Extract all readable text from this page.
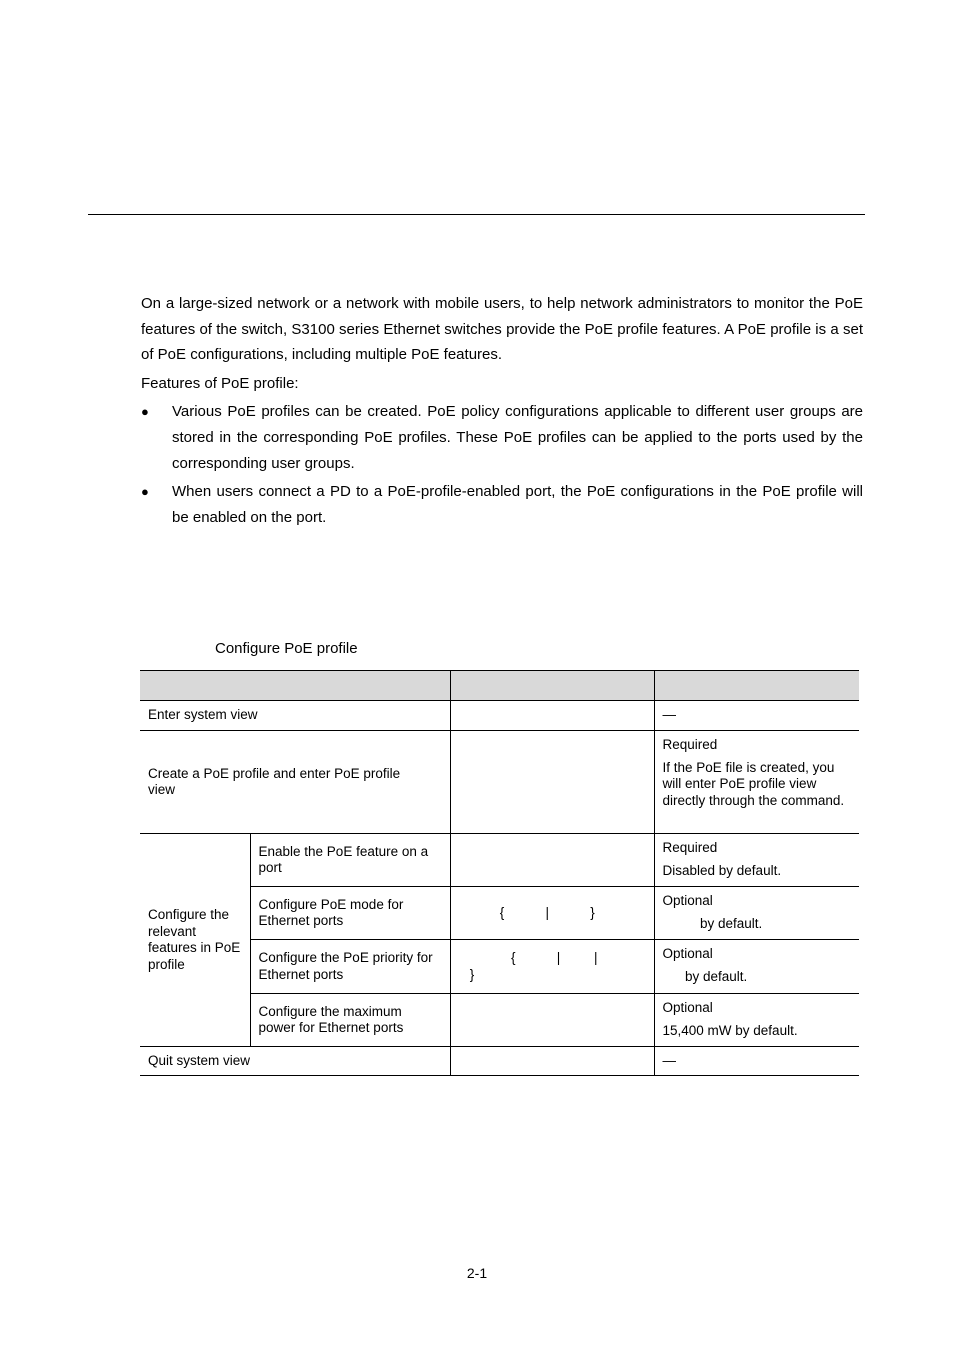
On a large-sized network or a network with mobile users, to help network administrators to monitor the PoE features of the switch, S3100 series Ethernet switches provide the PoE profile features. A PoE profile is a set of PoE configurations, including multiple PoE features.

Features of PoE profile:

● Various PoE profiles can be created. PoE policy configurations applicable to different user groups are stored in the corresponding PoE profiles. These PoE profiles can be applied to the ports used by the corresponding user groups.
● When users connect a PD to a PoE-profile-enabled port, the PoE configurations in the PoE profile will be enabled on the port.
Configure PoE profile

Enter system view			—
Create a PoE profile and enter PoE profile view			Required
If the PoE file is created, you will enter PoE profile view directly through the command.

Configure the relevant features in PoE profile	Enable the PoE feature on a port		Required
Disabled by default.

	Configure PoE mode for Ethernet ports	{           |           }	Optional
by default.

	Configure the PoE priority for Ethernet ports	{           |         |
}	Optional
by default.

	Configure the maximum power for Ethernet ports		Optional
15,400 mW by default.

Quit system view			—
2-1
